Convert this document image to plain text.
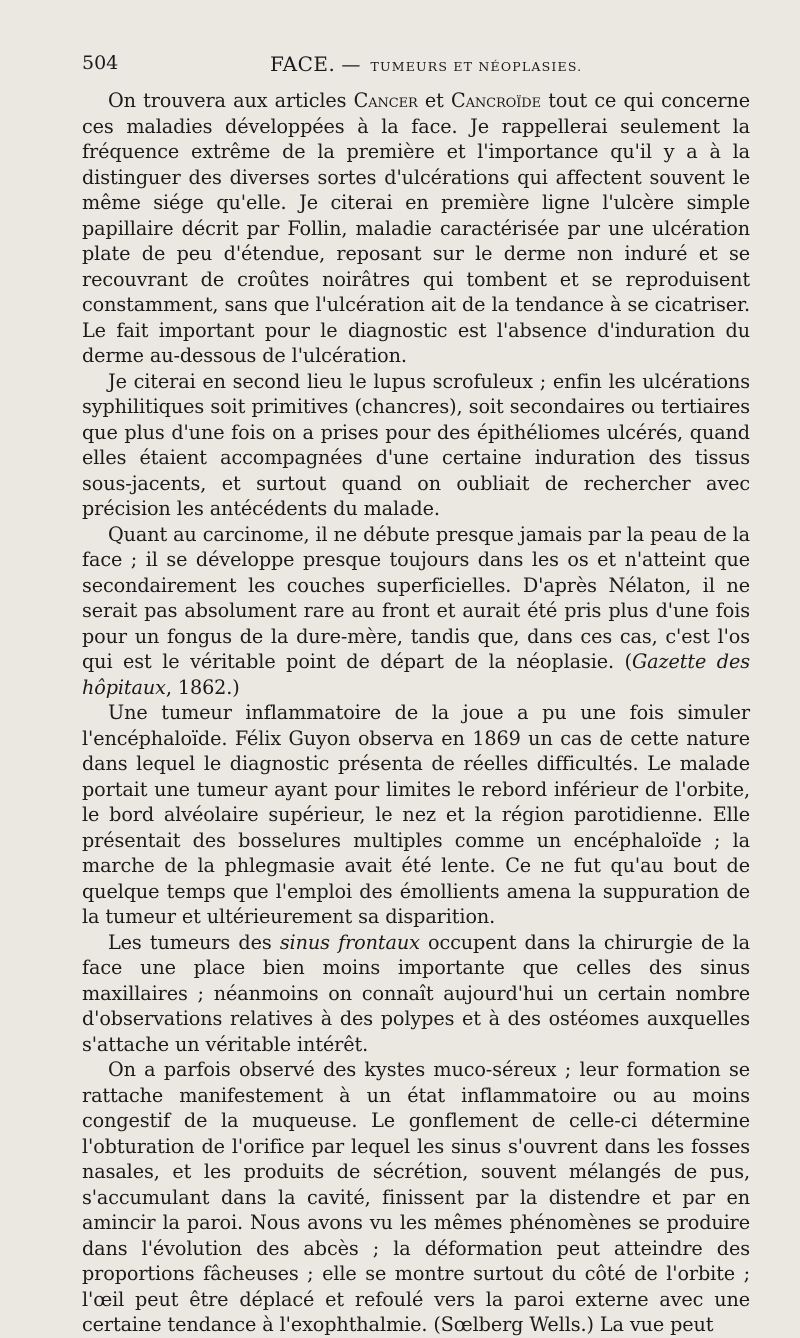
504	FACE. — TUMEURS ET NÉOPLASIES.

On trouvera aux articles Cancer et Cancroïde tout ce qui concerne ces maladies développées à la face. Je rappellerai seulement la fréquence extrême de la première et l'importance qu'il y a à la distinguer des diverses sortes d'ulcérations qui affectent souvent le même siége qu'elle. Je citerai en première ligne l'ulcère simple papillaire décrit par Follin, maladie caractérisée par une ulcération plate de peu d'étendue, reposant sur le derme non induré et se recouvrant de croûtes noirâtres qui tombent et se reproduisent constamment, sans que l'ulcération ait de la tendance à se cicatriser. Le fait important pour le diagnostic est l'absence d'induration du derme au-dessous de l'ulcération.

Je citerai en second lieu le lupus scrofuleux ; enfin les ulcérations syphilitiques soit primitives (chancres), soit secondaires ou tertiaires que plus d'une fois on a prises pour des épithéliomes ulcérés, quand elles étaient accompagnées d'une certaine induration des tissus sous-jacents, et surtout quand on oubliait de rechercher avec précision les antécédents du malade.

Quant au carcinome, il ne débute presque jamais par la peau de la face ; il se développe presque toujours dans les os et n'atteint que secondairement les couches superficielles. D'après Nélaton, il ne serait pas absolument rare au front et aurait été pris plus d'une fois pour un fongus de la dure-mère, tandis que, dans ces cas, c'est l'os qui est le véritable point de départ de la néoplasie. (Gazette des hôpitaux, 1862.)

Une tumeur inflammatoire de la joue a pu une fois simuler l'encéphaloïde. Félix Guyon observa en 1869 un cas de cette nature dans lequel le diagnostic présenta de réelles difficultés. Le malade portait une tumeur ayant pour limites le rebord inférieur de l'orbite, le bord alvéolaire supérieur, le nez et la région parotidienne. Elle présentait des bosselures multiples comme un encéphaloïde ; la marche de la phlegmasie avait été lente. Ce ne fut qu'au bout de quelque temps que l'emploi des émollients amena la suppuration de la tumeur et ultérieurement sa disparition.

Les tumeurs des sinus frontaux occupent dans la chirurgie de la face une place bien moins importante que celles des sinus maxillaires ; néanmoins on connaît aujourd'hui un certain nombre d'observations relatives à des polypes et à des ostéomes auxquelles s'attache un véritable intérêt.

On a parfois observé des kystes muco-séreux ; leur formation se rattache manifestement à un état inflammatoire ou au moins congestif de la muqueuse. Le gonflement de celle-ci détermine l'obturation de l'orifice par lequel les sinus s'ouvrent dans les fosses nasales, et les produits de sécrétion, souvent mélangés de pus, s'accumulant dans la cavité, finissent par la distendre et par en amincir la paroi. Nous avons vu les mêmes phénomènes se produire dans l'évolution des abcès ; la déformation peut atteindre des proportions fâcheuses ; elle se montre surtout du côté de l'orbite ; l'œil peut être déplacé et refoulé vers la paroi externe avec une certaine tendance à l'exophthalmie. (Sœlberg Wells.) La vue peut
